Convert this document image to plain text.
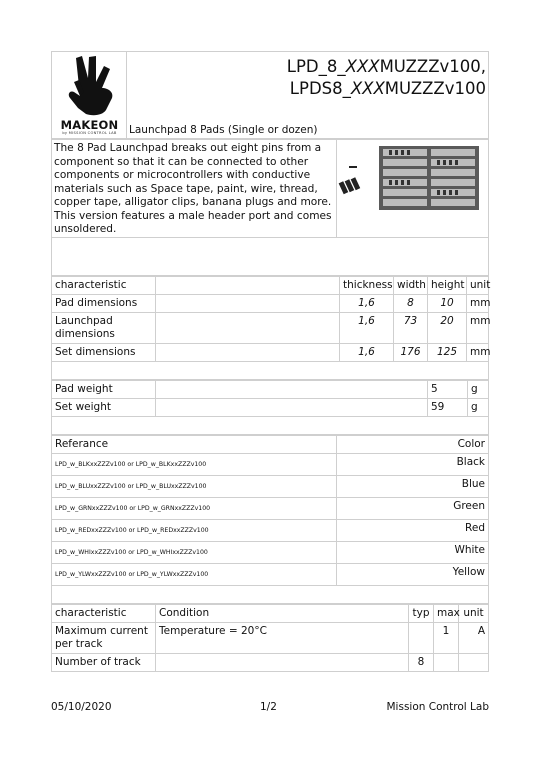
MAKEON
by MISSION CONTROL LAB

LPD_8_XXXMUZZZv100,
LPDS8_XXXMUZZZv100
Launchpad 8 Pads (Single or dozen)
The 8 Pad Launchpad breaks out eight pins from a component so that it can be connected to other components or microcontrollers with conductive materials such as Space tape, paint, wire, thread, copper tape, alligator clips, banana plugs and more. This version features a male header port and comes unsoldered.	

characteristic		thickness	width	height	unit
Pad dimensions		1,6	8	10	mm
Launchpad dimensions		1,6	73	20	mm
Set dimensions		1,6	176	125	mm

Pad weight		5	g
Set weight		59	g

Referance	Color
LPD_w_BLKxxZZZv100 or LPD_w_BLKxxZZZv100	Black
LPD_w_BLUxxZZZv100 or LPD_w_BLUxxZZZv100	Blue
LPD_w_GRNxxZZZv100 or LPD_w_GRNxxZZZv100	Green
LPD_w_REDxxZZZv100 or LPD_w_REDxxZZZv100	Red
LPD_w_WHIxxZZZv100 or LPD_w_WHIxxZZZv100	White
LPD_w_YLWxxZZZv100 or LPD_w_YLWxxZZZv100	Yellow

characteristic	Condition	typ	max	unit
Maximum current per track	Temperature = 20°C		1	A
Number of track		8		
05/10/2020	1/2	Mission Control Lab
